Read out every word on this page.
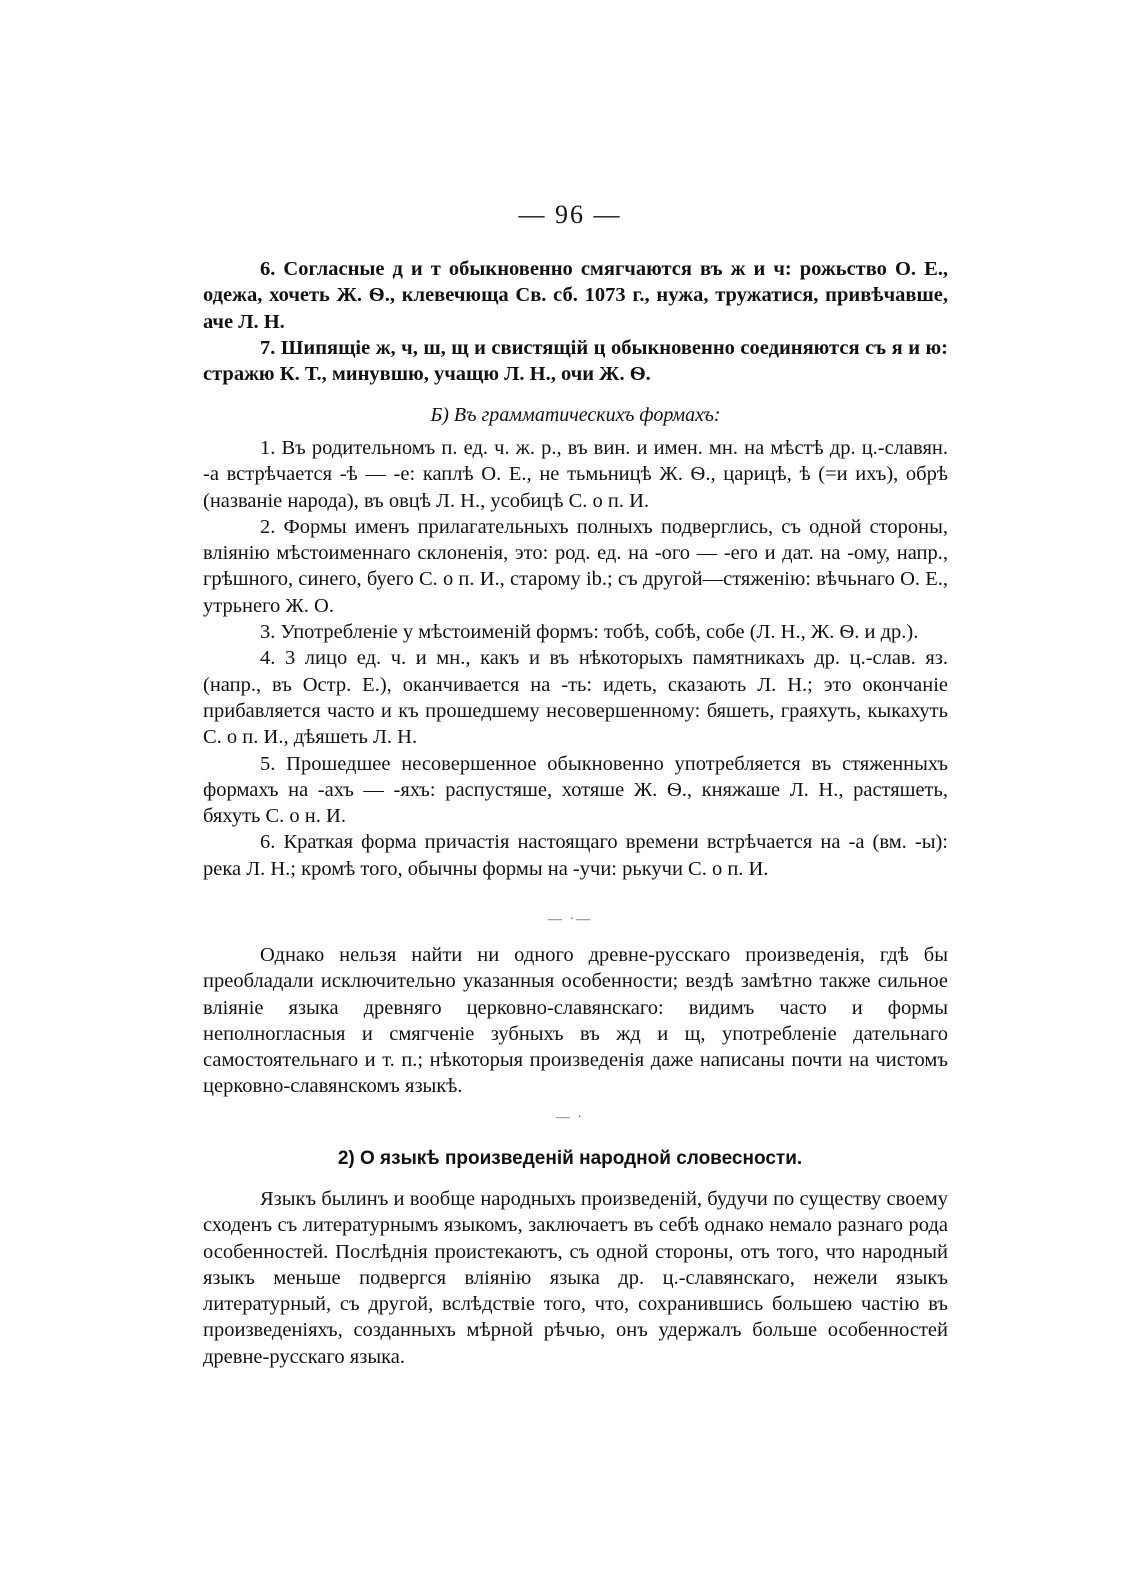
— 96 —

6. Согласные д и т обыкновенно смягчаются въ ж и ч: рожьство О. Е., одежа, хочеть Ж. Ѳ., клевечюща Св. сб. 1073 г., нужа, тружатися, привѣчавше, аче Л. Н.

7. Шипящіе ж, ч, ш, щ и свистящій ц обыкновенно соединяются съ я и ю: стражю К. Т., минувшю, учащю Л. Н., очи Ж. Ѳ.

Б) Въ грамматическихъ формахъ:

1. Въ родительномъ п. ед. ч. ж. р., въ вин. и имен. мн. на мѣстѣ др. ц.-славян. -а встрѣчается -ѣ — -е: каплѣ О. Е., не тьмьницѣ Ж. Ѳ., царицѣ, ѣ (=и ихъ), обрѣ (названіе народа), въ овцѣ Л. Н., усобицѣ С. о п. И.

2. Формы именъ прилагательныхъ полныхъ подверглись, съ одной стороны, вліянію мѣстоименнаго склоненія, это: род. ед. на -ого — -его и дат. на -ому, напр., грѣшного, синего, буего С. о п. И., старому іb.; съ другой—стяженію: вѣчьнаго О. Е., утрьнего Ж. О.

3. Употребленіе у мѣстоименій формъ: тобѣ, собѣ, собе (Л. Н., Ж. Ѳ. и др.).

4. 3 лицо ед. ч. и мн., какъ и въ нѣкоторыхъ памятникахъ др. ц.-слав. яз. (напр., въ Остр. Е.), оканчивается на -ть: идеть, сказають Л. Н.; это окончаніе прибавляется часто и къ прошедшему несовершенному: бяшеть, граяхуть, кыкахуть С. о п. И., дѣяшеть Л. Н.

5. Прошедшее несовершенное обыкновенно употребляется въ стяженныхъ формахъ на -ахъ — -яхъ: распустяше, хотяше Ж. Ѳ., княжаше Л. Н., растяшеть, бяхуть С. о н. И.

6. Краткая форма причастія настоящаго времени встрѣчается на -а (вм. -ы): река Л. Н.; кромѣ того, обычны формы на -учи: рькучи С. о п. И.

— ·—

Однако нельзя найти ни одного древне-русскаго произведенія, гдѣ бы преобладали исключительно указанныя особенности; вездѣ замѣтно также сильное вліяніе языка древняго церковно-славянскаго: видимъ часто и формы неполногласныя и смягченіе зубныхъ въ жд и щ, употребленіе дательнаго самостоятельнаго и т. п.; нѣкоторыя произведенія даже написаны почти на чистомъ церковно-славянскомъ языкѣ.

— ·
2) О языкѣ произведеній народной словесности.

Языкъ былинъ и вообще народныхъ произведеній, будучи по существу своему сходенъ съ литературнымъ языкомъ, заключаетъ въ себѣ однако немало разнаго рода особенностей. Послѣднія проистекаютъ, съ одной стороны, отъ того, что народный языкъ меньше подвергся вліянію языка др. ц.-славянскаго, нежели языкъ литературный, съ другой, вслѣдствіе того, что, сохранившись большею частію въ произведеніяхъ, созданныхъ мѣрной рѣчью, онъ удержалъ больше особенностей древне-русскаго языка.
